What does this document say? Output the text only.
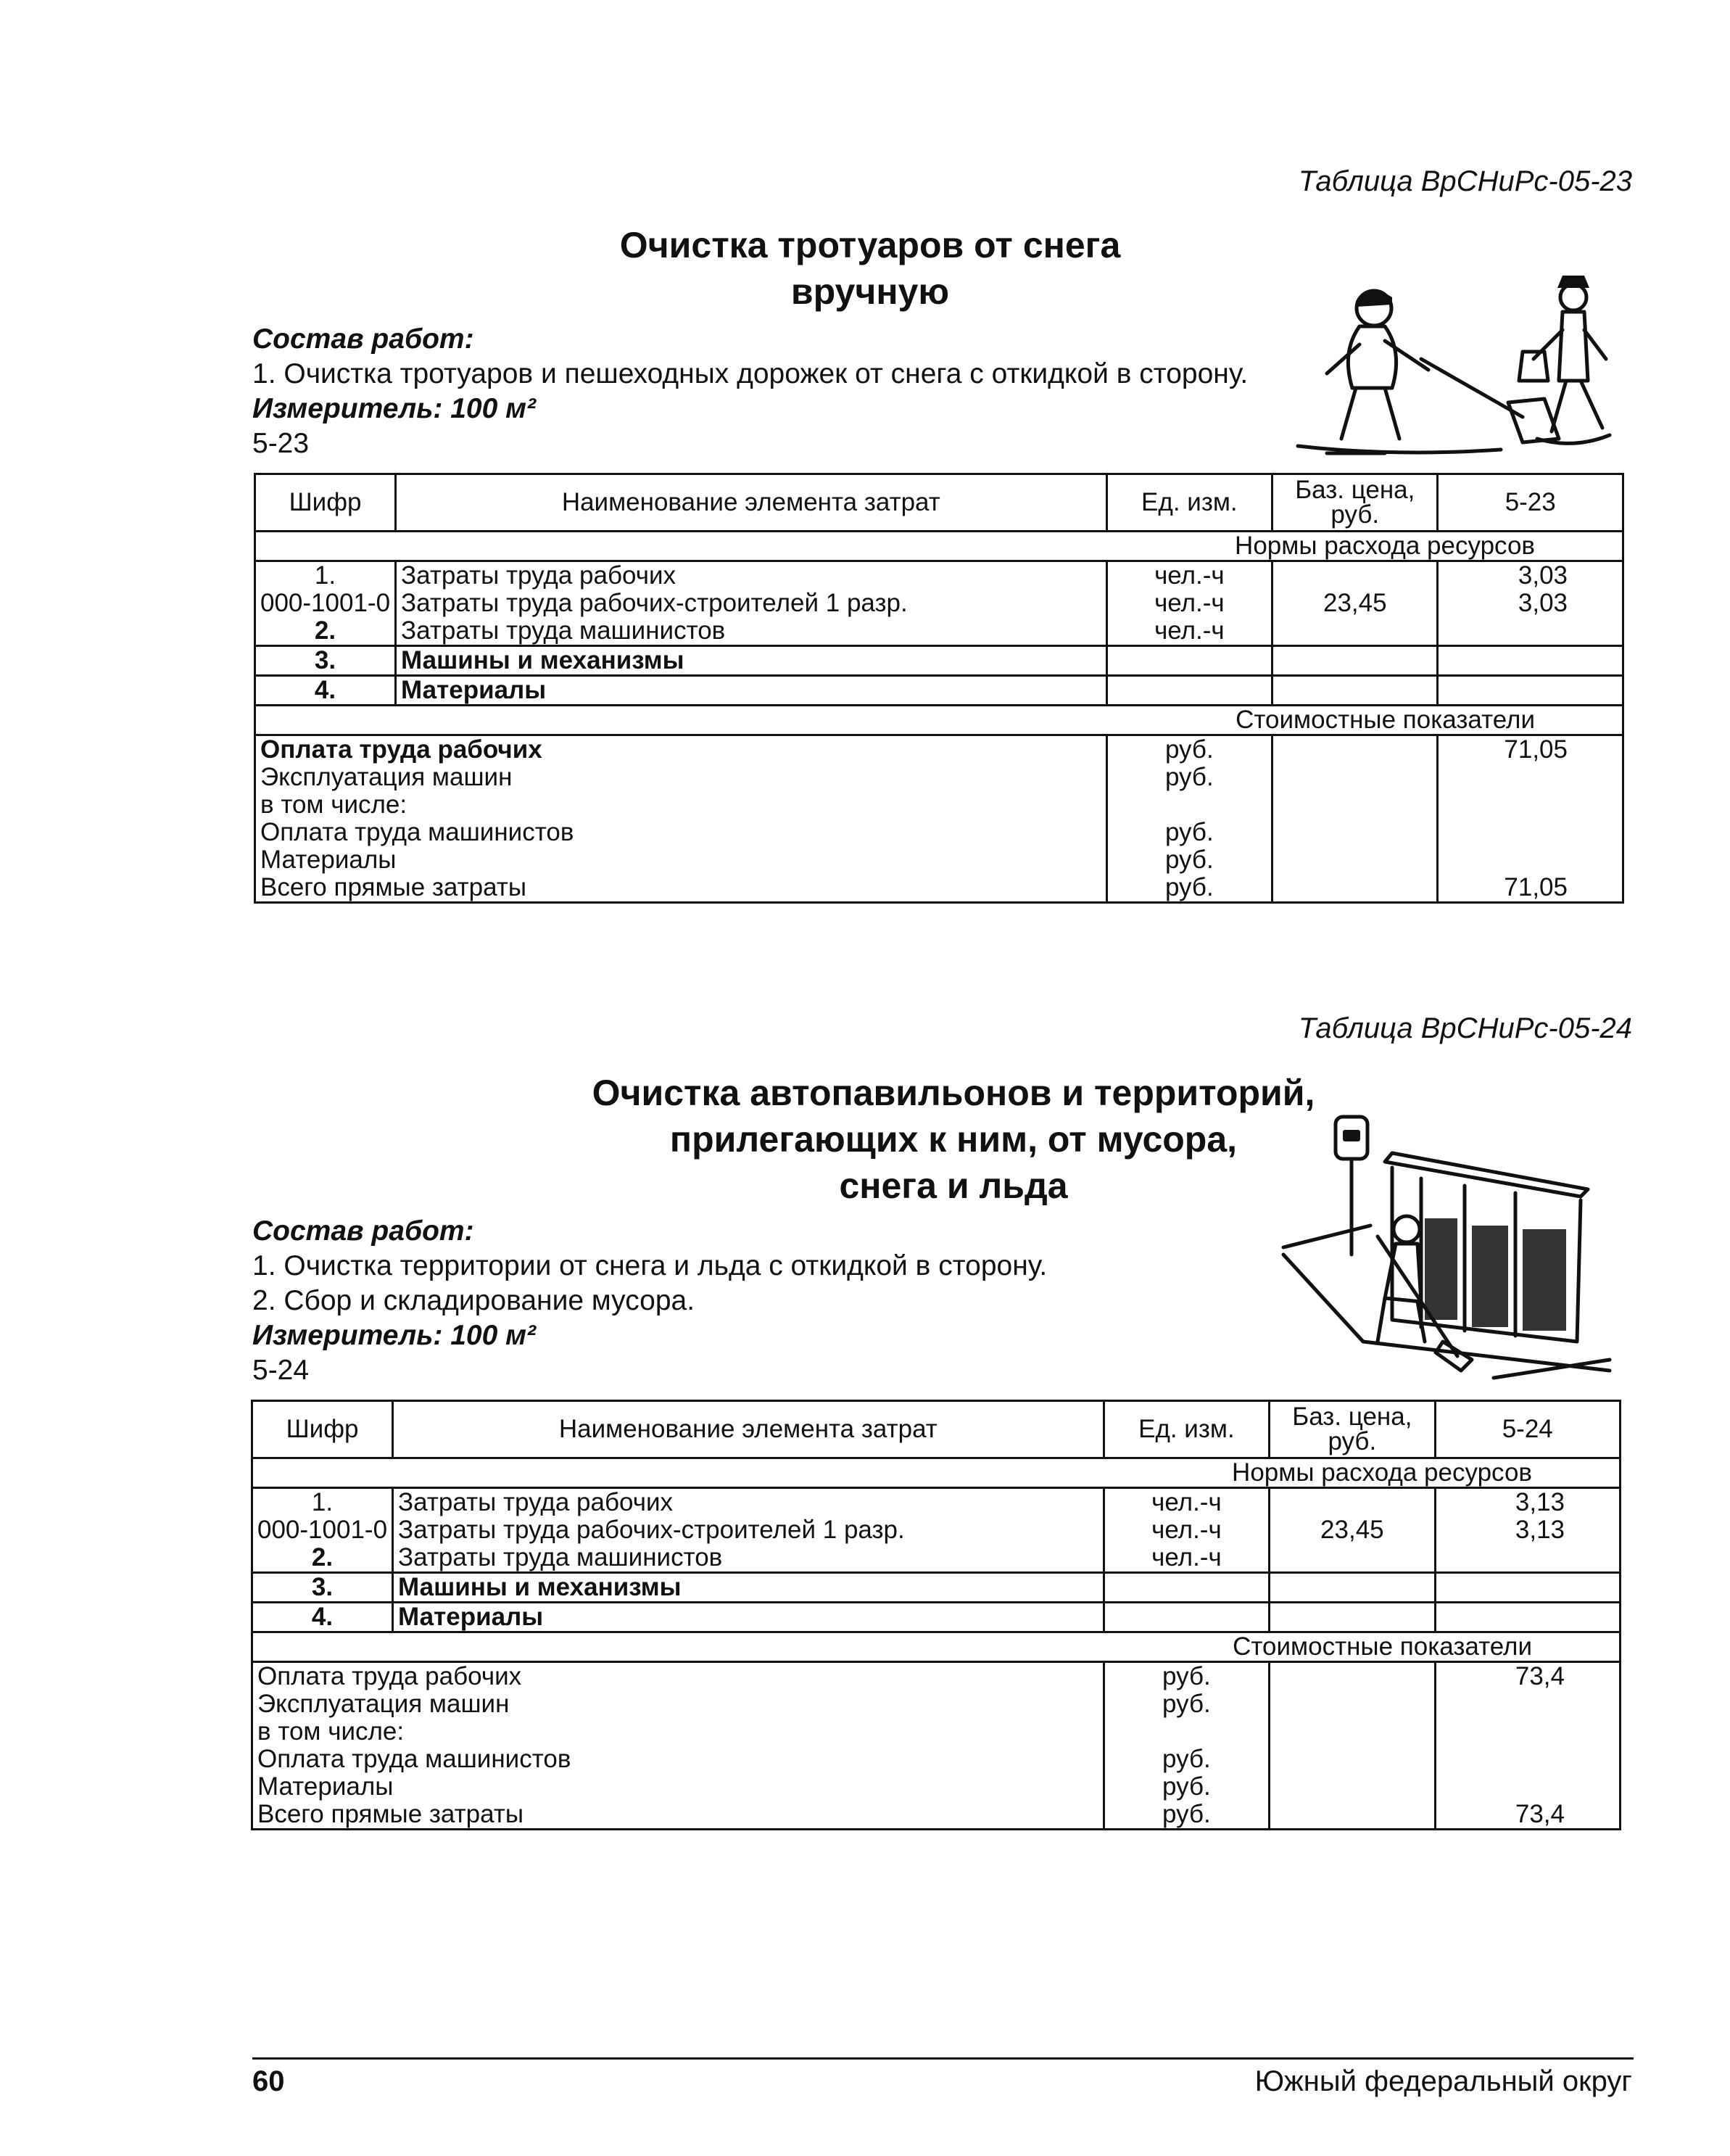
Таблица ВрСНиРс-05-23
Очистка тротуаров от снега
вручную
Состав работ:
1. Очистка тротуаров и пешеходных дорожек от снега с откидкой в сторону.
Измеритель: 100 м²
5-23
Шифр	Наименование элемента затрат	Ед. изм.	Баз. цена, руб.	5-23
Нормы расхода ресурсов				
1.	Затраты труда рабочих	чел.-ч		3,03
000-1001-0	Затраты труда рабочих-строителей 1 разр.	чел.-ч	23,45	3,03
2.	Затраты труда машинистов	чел.-ч		
3.	Машины и механизмы			
4.	Материалы			
Стоимостные показатели				
Оплата труда рабочих		руб.		71,05
Эксплуатация машин		руб.		
в том числе:				
Оплата труда машинистов		руб.		
Материалы		руб.		
Всего прямые затраты		руб.		71,05
Таблица ВрСНиРс-05-24
Очистка автопавильонов и территорий,
прилегающих к ним, от мусора,
снега и льда
Состав работ:
1. Очистка территории от снега и льда с откидкой в сторону.
2. Сбор и складирование мусора.
Измеритель: 100 м²
5-24
Шифр	Наименование элемента затрат	Ед. изм.	Баз. цена, руб.	5-24
Нормы расхода ресурсов				
1.	Затраты труда рабочих	чел.-ч		3,13
000-1001-0	Затраты труда рабочих-строителей 1 разр.	чел.-ч	23,45	3,13
2.	Затраты труда машинистов	чел.-ч		
3.	Машины и механизмы			
4.	Материалы			
Стоимостные показатели				
Оплата труда рабочих		руб.		73,4
Эксплуатация машин		руб.		
в том числе:				
Оплата труда машинистов		руб.		
Материалы		руб.		
Всего прямые затраты		руб.		73,4
60	Южный федеральный округ
